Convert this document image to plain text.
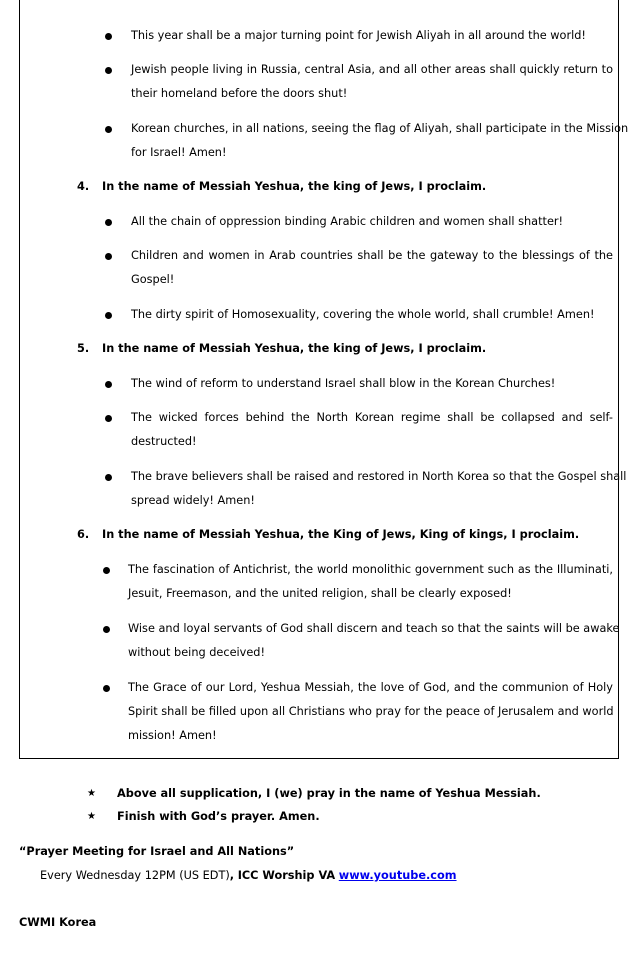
This year shall be a major turning point for Jewish Aliyah in all around the world!
Jewish people living in Russia, central Asia, and all other areas shall quickly return to
their homeland before the doors shut!
Korean churches, in all nations, seeing the flag of Aliyah, shall participate in the Mission
for Israel! Amen!
4. In the name of Messiah Yeshua, the king of Jews, I proclaim.
All the chain of oppression binding Arabic children and women shall shatter!
Children and women in Arab countries shall be the gateway to the blessings of the
Gospel!
The dirty spirit of Homosexuality, covering the whole world, shall crumble! Amen!
5. In the name of Messiah Yeshua, the king of Jews, I proclaim.
The wind of reform to understand Israel shall blow in the Korean Churches!
The wicked forces behind the North Korean regime shall be collapsed and self-
destructed!
The brave believers shall be raised and restored in North Korea so that the Gospel shall
spread widely! Amen!
6. In the name of Messiah Yeshua, the King of Jews, King of kings, I proclaim.
The fascination of Antichrist, the world monolithic government such as the Illuminati,
Jesuit, Freemason, and the united religion, shall be clearly exposed!
Wise and loyal servants of God shall discern and teach so that the saints will be awake
without being deceived!
The Grace of our Lord, Yeshua Messiah, the love of God, and the communion of Holy
Spirit shall be filled upon all Christians who pray for the peace of Jerusalem and world
mission! Amen!
★ Above all supplication, I (we) pray in the name of Yeshua Messiah.
★ Finish with God’s prayer. Amen.
“Prayer Meeting for Israel and All Nations”
Every Wednesday 12PM (US EDT), ICC Worship VA www.youtube.com
CWMI Korea
